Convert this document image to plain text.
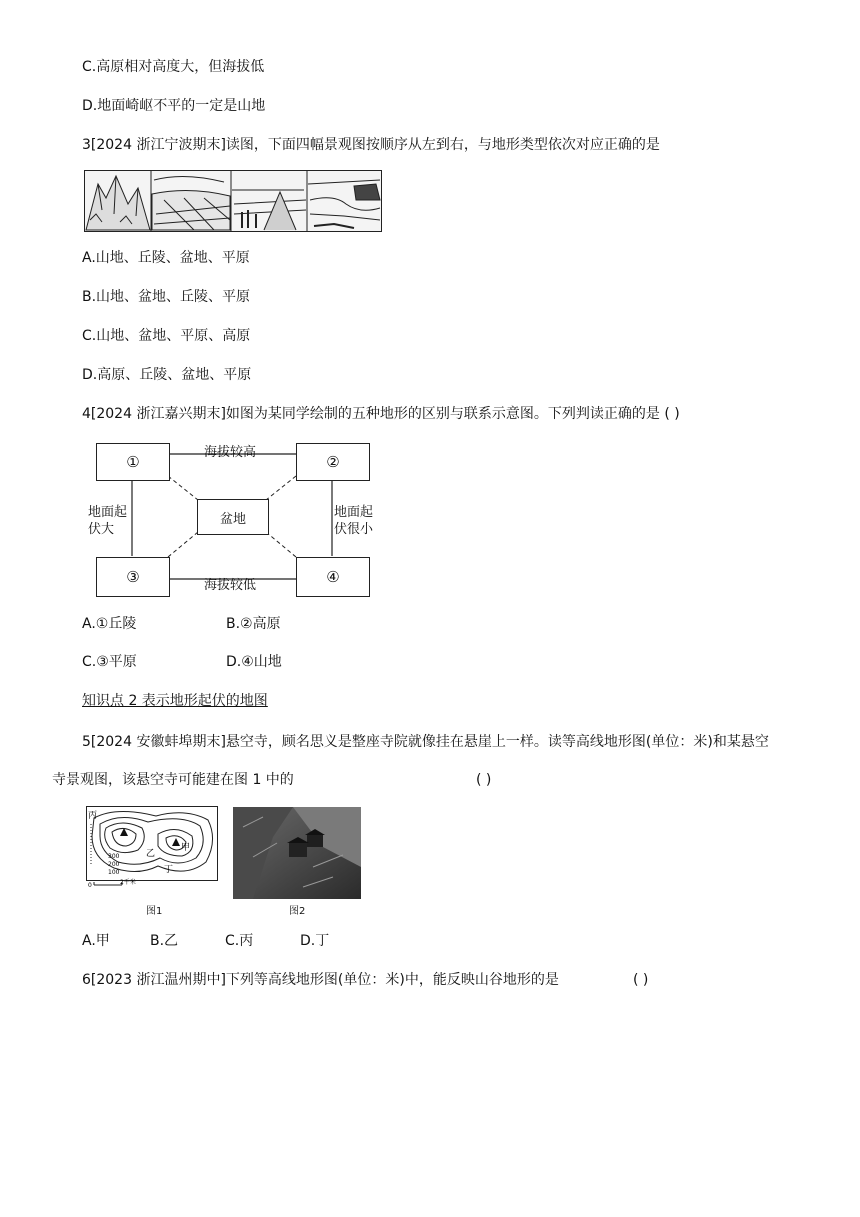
C.高原相对高度大，但海拔低
D.地面崎岖不平的一定是山地
3[2024 浙江宁波期末]读图，下面四幅景观图按顺序从左到右，与地形类型依次对应正确的是
A.山地、丘陵、盆地、平原
B.山地、盆地、丘陵、平原
C.山地、盆地、平原、高原
D.高原、丘陵、盆地、平原
4[2024 浙江嘉兴期末]如图为某同学绘制的五种地形的区别与联系示意图。下列判读正确的是 ( )
①	②
③	④
盆地
海拔较高
海拔较低
地面起
伏大
地面起
伏很小
A.①丘陵	B.②高原
C.③平原	D.④山地
知识点 2 表示地形起伏的地图
5[2024 安徽蚌埠期末]悬空寺，顾名思义是整座寺院就像挂在悬崖上一样。读等高线地形图(单位：米)和某悬空
寺景观图，该悬空寺可能建在图 1 中的	( )
丙
甲
乙
丁
300
200
100
0	2千米
图1	图2
A.甲	B.乙	C.丙	D.丁
6[2023 浙江温州期中]下列等高线地形图(单位：米)中，能反映山谷地形的是	( )
